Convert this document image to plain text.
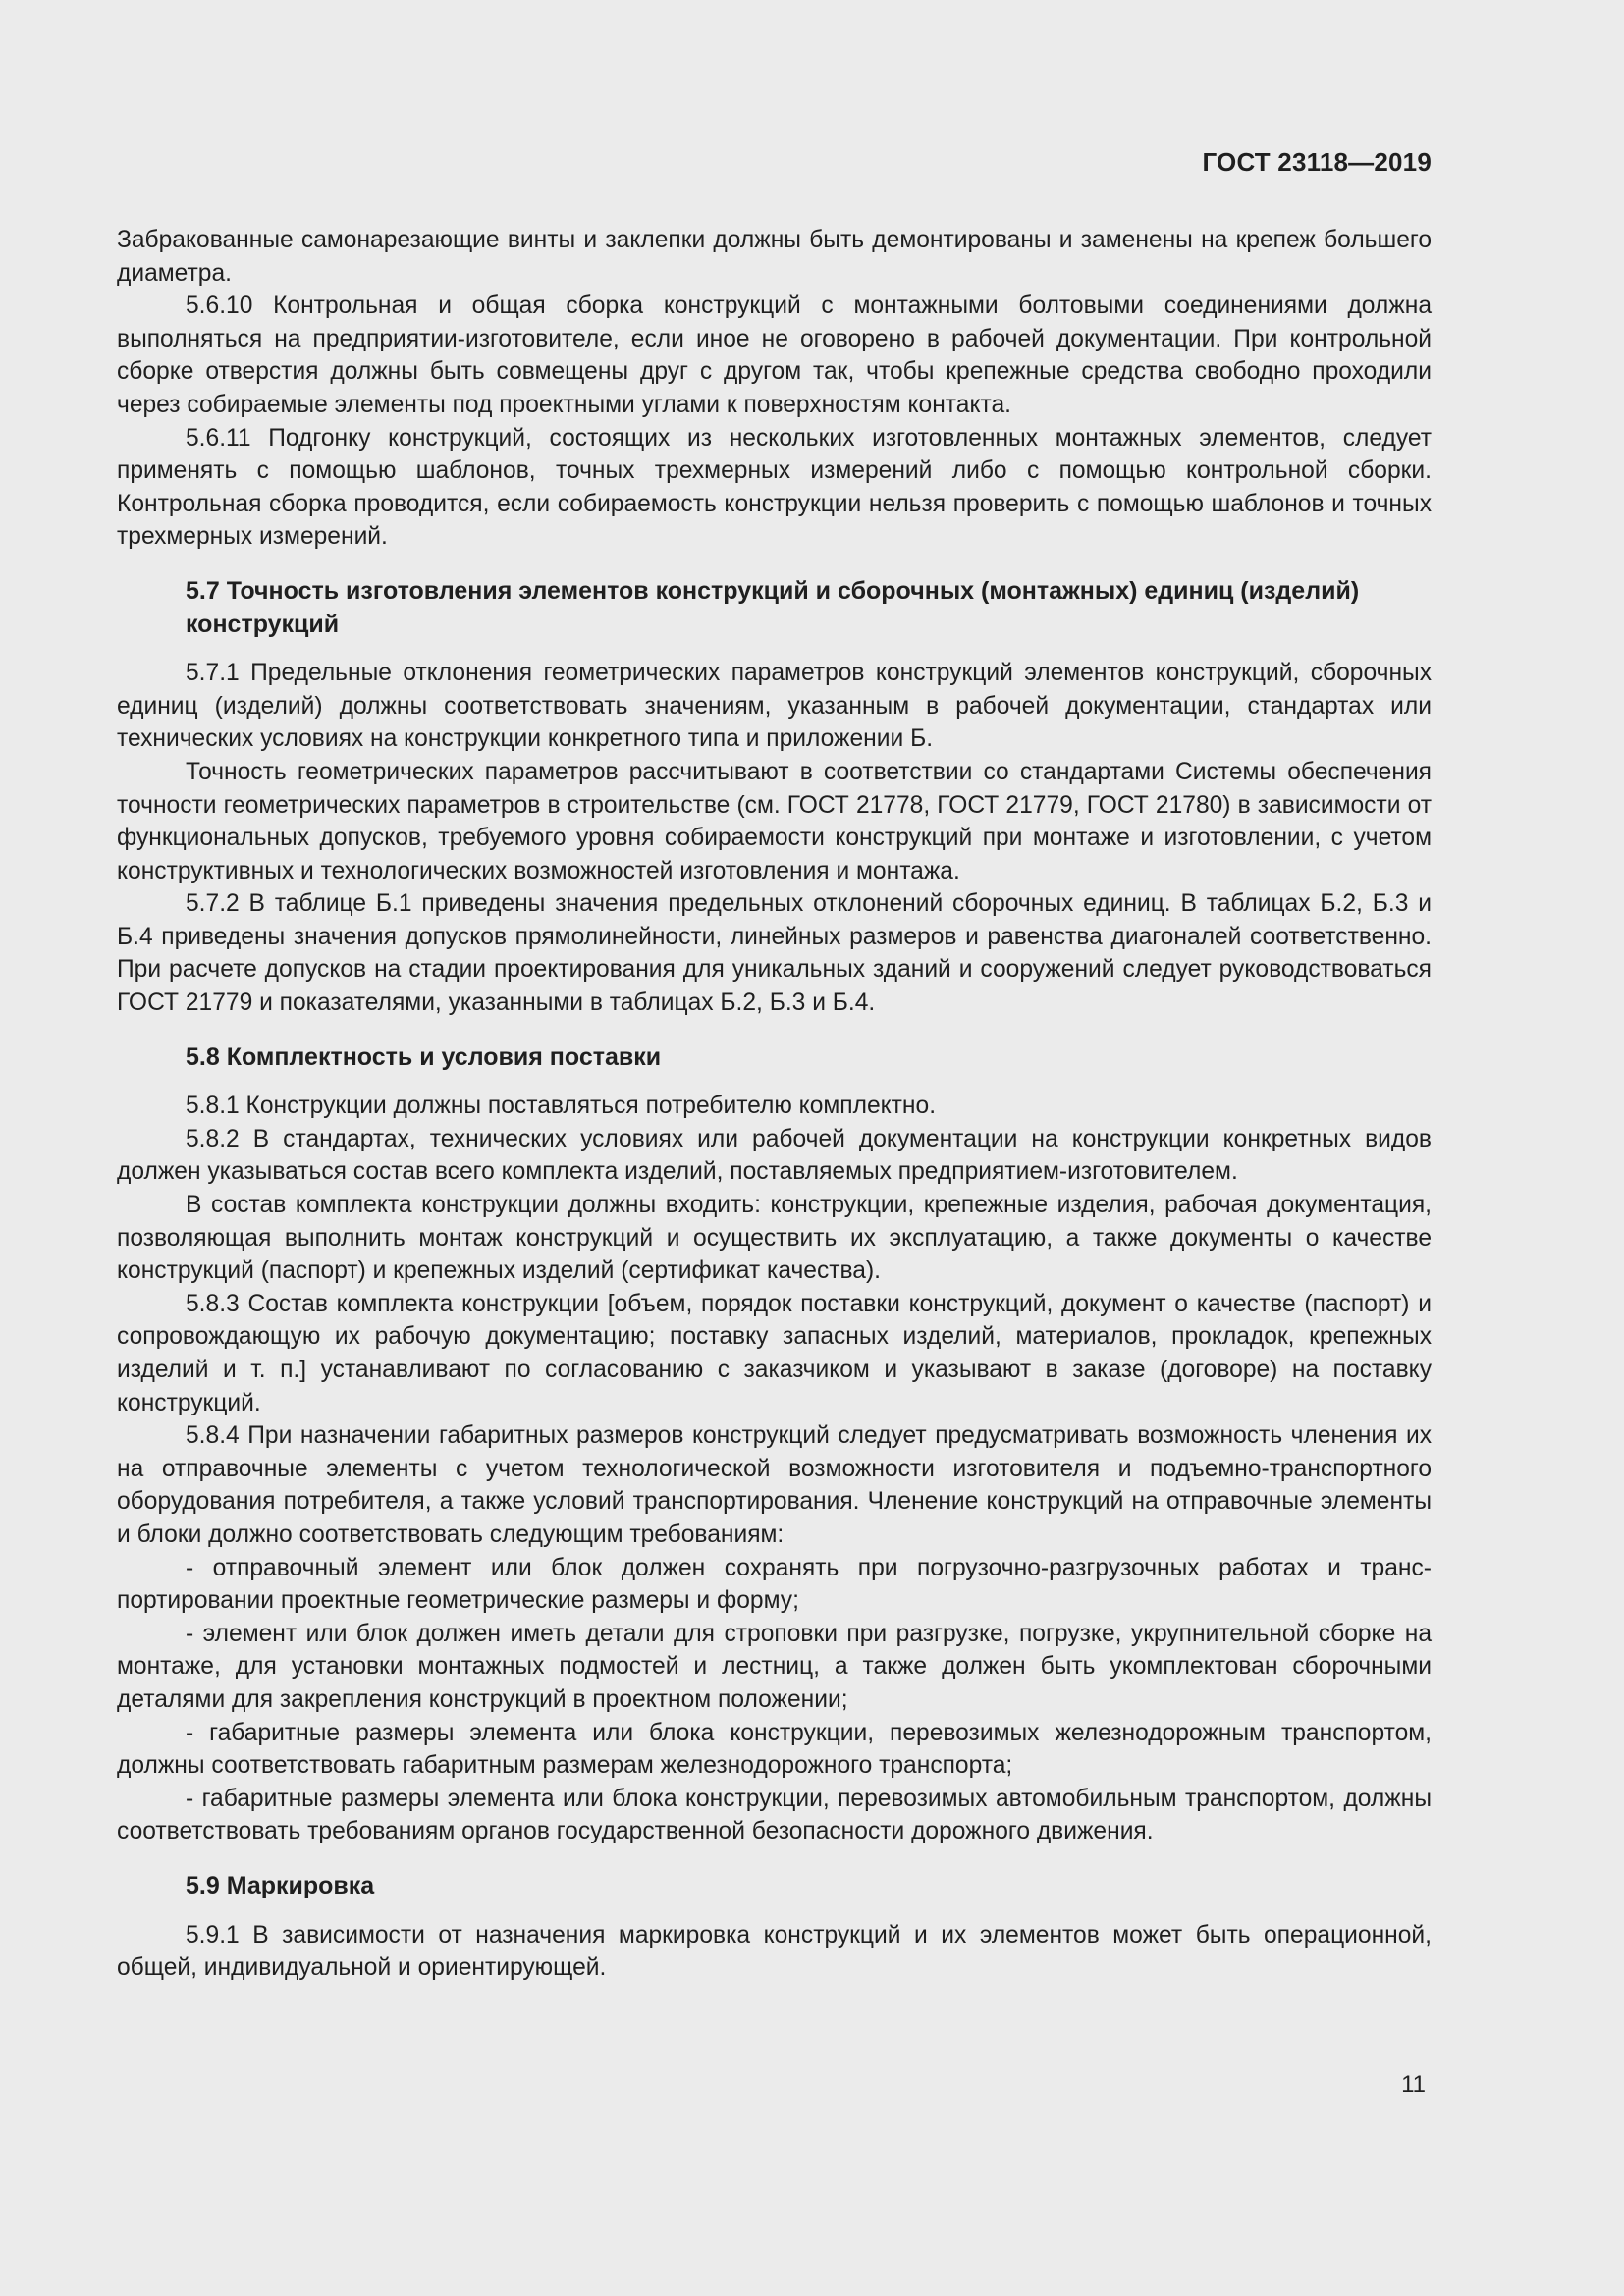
ГОСТ 23118—2019

Забракованные самонарезающие винты и заклепки должны быть демонтированы и заменены на крепеж большего диаметра.

5.6.10 Контрольная и общая сборка конструкций с монтажными болтовыми соединениями должна выполняться на предприятии-изготовителе, если иное не оговорено в рабочей документации. При контрольной сборке отверстия должны быть совмещены друг с другом так, чтобы крепежные средства свободно проходили через собираемые элементы под проектными углами к поверхностям контакта.

5.6.11 Подгонку конструкций, состоящих из нескольких изготовленных монтажных элементов, следует применять с помощью шаблонов, точных трехмерных измерений либо с помощью контрольной сборки. Контрольная сборка проводится, если собираемость конструкции нельзя проверить с помощью шаблонов и точных трехмерных измерений.

5.7 Точность изготовления элементов конструкций и сборочных (монтажных) единиц (изделий) конструкций

5.7.1 Предельные отклонения геометрических параметров конструкций элементов конструкций, сборочных единиц (изделий) должны соответствовать значениям, указанным в рабочей документации, стандартах или технических условиях на конструкции конкретного типа и приложении Б.

Точность геометрических параметров рассчитывают в соответствии со стандартами Системы обеспечения точности геометрических параметров в строительстве (см. ГОСТ 21778, ГОСТ 21779, ГОСТ 21780) в зависимости от функциональных допусков, требуемого уровня собираемости конструкций при монтаже и изготовлении, с учетом конструктивных и технологических возможностей изготовления и монтажа.

5.7.2 В таблице Б.1 приведены значения предельных отклонений сборочных единиц. В таблицах Б.2, Б.3 и Б.4 приведены значения допусков прямолинейности, линейных размеров и равенства диагоналей соответственно. При расчете допусков на стадии проектирования для уникальных зданий и сооружений следует руководствоваться ГОСТ 21779 и показателями, указанными в таблицах Б.2, Б.3 и Б.4.

5.8 Комплектность и условия поставки

5.8.1 Конструкции должны поставляться потребителю комплектно.

5.8.2 В стандартах, технических условиях или рабочей документации на конструкции конкретных видов должен указываться состав всего комплекта изделий, поставляемых предприятием-изготовителем.

В состав комплекта конструкции должны входить: конструкции, крепежные изделия, рабочая документация, позволяющая выполнить монтаж конструкций и осуществить их эксплуатацию, а также документы о качестве конструкций (паспорт) и крепежных изделий (сертификат качества).

5.8.3 Состав комплекта конструкции [объем, порядок поставки конструкций, документ о качестве (паспорт) и сопровождающую их рабочую документацию; поставку запасных изделий, материалов, прокладок, крепежных изделий и т. п.] устанавливают по согласованию с заказчиком и указывают в заказе (договоре) на поставку конструкций.

5.8.4 При назначении габаритных размеров конструкций следует предусматривать возможность членения их на отправочные элементы с учетом технологической возможности изготовителя и подъемно-транспортного оборудования потребителя, а также условий транспортирования. Членение конструкций на отправочные элементы и блоки должно соответствовать следующим требованиям:

- отправочный элемент или блок должен сохранять при погрузочно-разгрузочных работах и транспортировании проектные геометрические размеры и форму;

- элемент или блок должен иметь детали для строповки при разгрузке, погрузке, укрупнительной сборке на монтаже, для установки монтажных подмостей и лестниц, а также должен быть укомплектован сборочными деталями для закрепления конструкций в проектном положении;

- габаритные размеры элемента или блока конструкции, перевозимых железнодорожным транспортом, должны соответствовать габаритным размерам железнодорожного транспорта;

- габаритные размеры элемента или блока конструкции, перевозимых автомобильным транспортом, должны соответствовать требованиям органов государственной безопасности дорожного движения.

5.9 Маркировка

5.9.1 В зависимости от назначения маркировка конструкций и их элементов может быть операционной, общей, индивидуальной и ориентирующей.

11
